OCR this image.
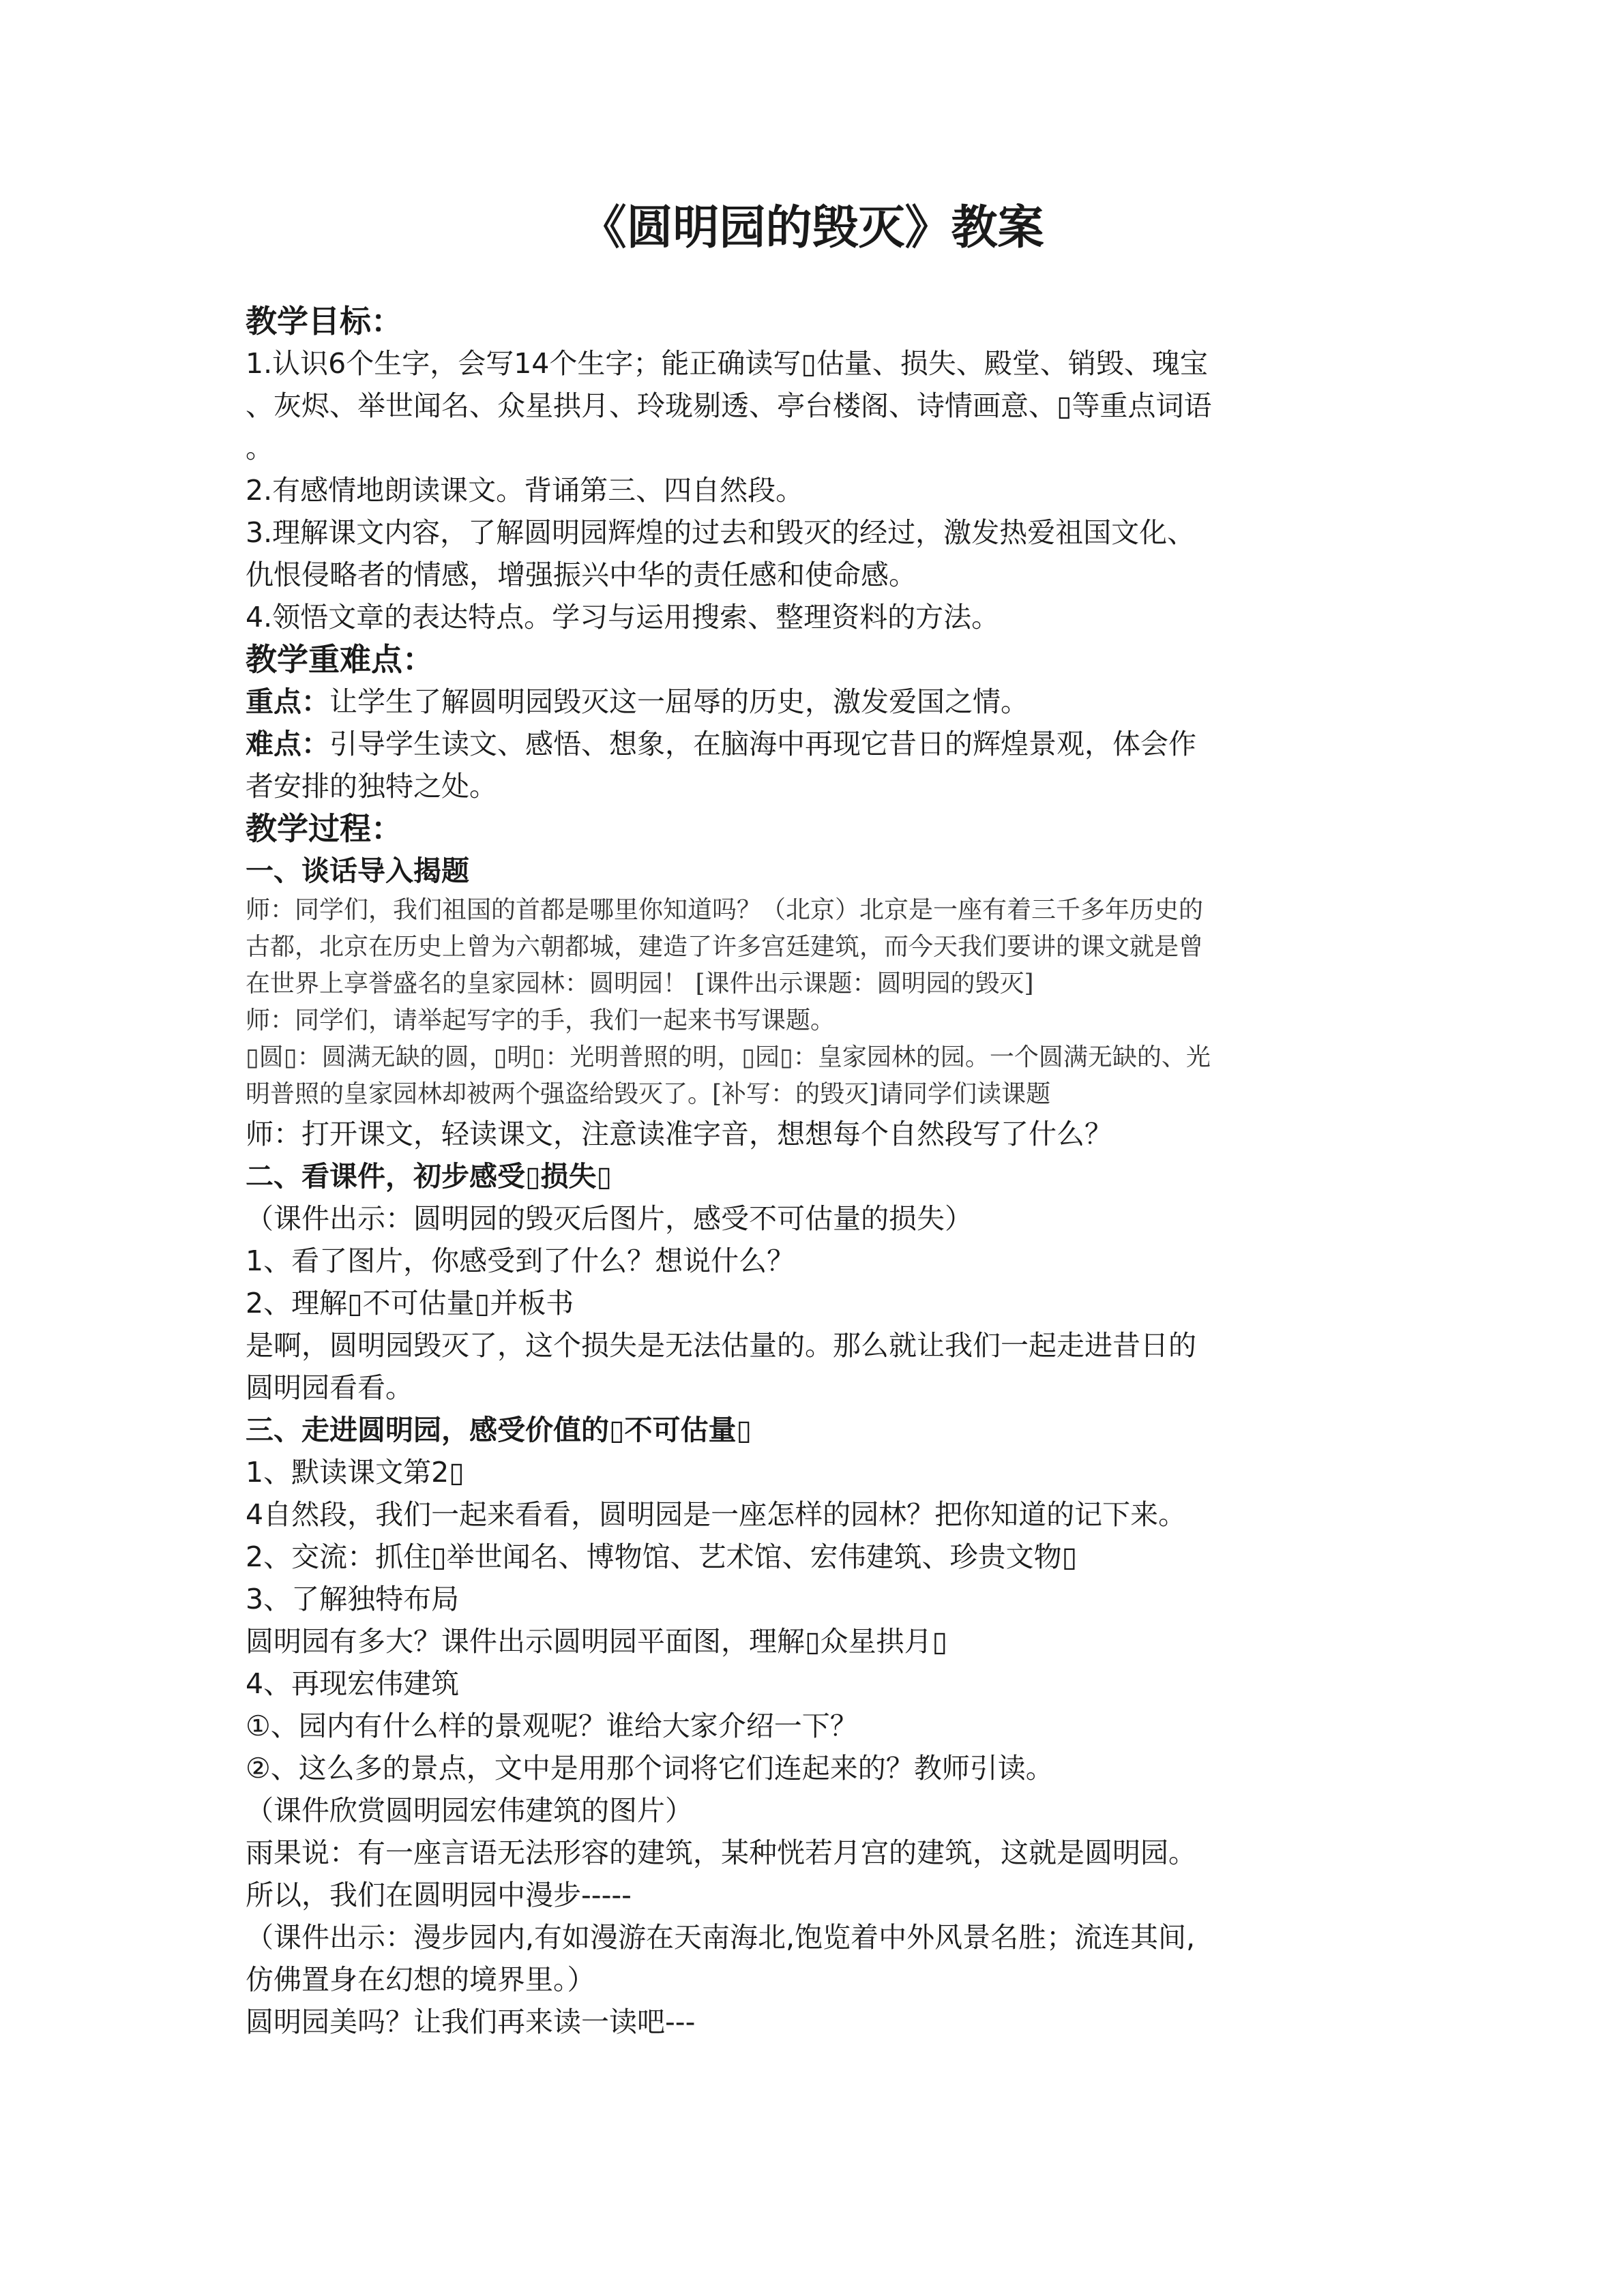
《圆明园的毁灭》教案

教学目标：

1.认识6个生字，会写14个生字；能正确读写▯估量、损失、殿堂、销毁、瑰宝

、灰烬、举世闻名、众星拱月、玲珑剔透、亭台楼阁、诗情画意、▯等重点词语

。

2.有感情地朗读课文。背诵第三、四自然段。

3.理解课文内容，了解圆明园辉煌的过去和毁灭的经过，激发热爱祖国文化、

仇恨侵略者的情感，增强振兴中华的责任感和使命感。

4.领悟文章的表达特点。学习与运用搜索、整理资料的方法。

教学重难点：

重点：让学生了解圆明园毁灭这一屈辱的历史，激发爱国之情。

难点：引导学生读文、感悟、想象，在脑海中再现它昔日的辉煌景观，体会作

者安排的独特之处。

教学过程：

一、谈话导入揭题

师：同学们，我们祖国的首都是哪里你知道吗？（北京）北京是一座有着三千多年历史的

古都，北京在历史上曾为六朝都城，建造了许多宫廷建筑，而今天我们要讲的课文就是曾

在世界上享誉盛名的皇家园林：圆明园！ [课件出示课题：圆明园的毁灭]

师：同学们，请举起写字的手，我们一起来书写课题。

▯圆▯：圆满无缺的圆，▯明▯：光明普照的明，▯园▯：皇家园林的园。一个圆满无缺的、光

明普照的皇家园林却被两个强盗给毁灭了。[补写：的毁灭]请同学们读课题

师：打开课文，轻读课文，注意读准字音，想想每个自然段写了什么？

二、看课件，初步感受▯损失▯

（课件出示：圆明园的毁灭后图片，感受不可估量的损失）

1、看了图片，你感受到了什么？想说什么？

2、理解▯不可估量▯并板书

是啊，圆明园毁灭了，这个损失是无法估量的。那么就让我们一起走进昔日的

圆明园看看。

三、走进圆明园，感受价值的▯不可估量▯

1、默读课文第2▯

4自然段，我们一起来看看，圆明园是一座怎样的园林？把你知道的记下来。

2、交流：抓住▯举世闻名、博物馆、艺术馆、宏伟建筑、珍贵文物▯

3、了解独特布局

圆明园有多大？课件出示圆明园平面图，理解▯众星拱月▯

4、再现宏伟建筑

①、园内有什么样的景观呢？谁给大家介绍一下？

②、这么多的景点，文中是用那个词将它们连起来的？教师引读。

（课件欣赏圆明园宏伟建筑的图片）

雨果说：有一座言语无法形容的建筑，某种恍若月宫的建筑，这就是圆明园。

所以，我们在圆明园中漫步-----

（课件出示：漫步园内,有如漫游在天南海北,饱览着中外风景名胜；流连其间,

仿佛置身在幻想的境界里。）

圆明园美吗？让我们再来读一读吧---
